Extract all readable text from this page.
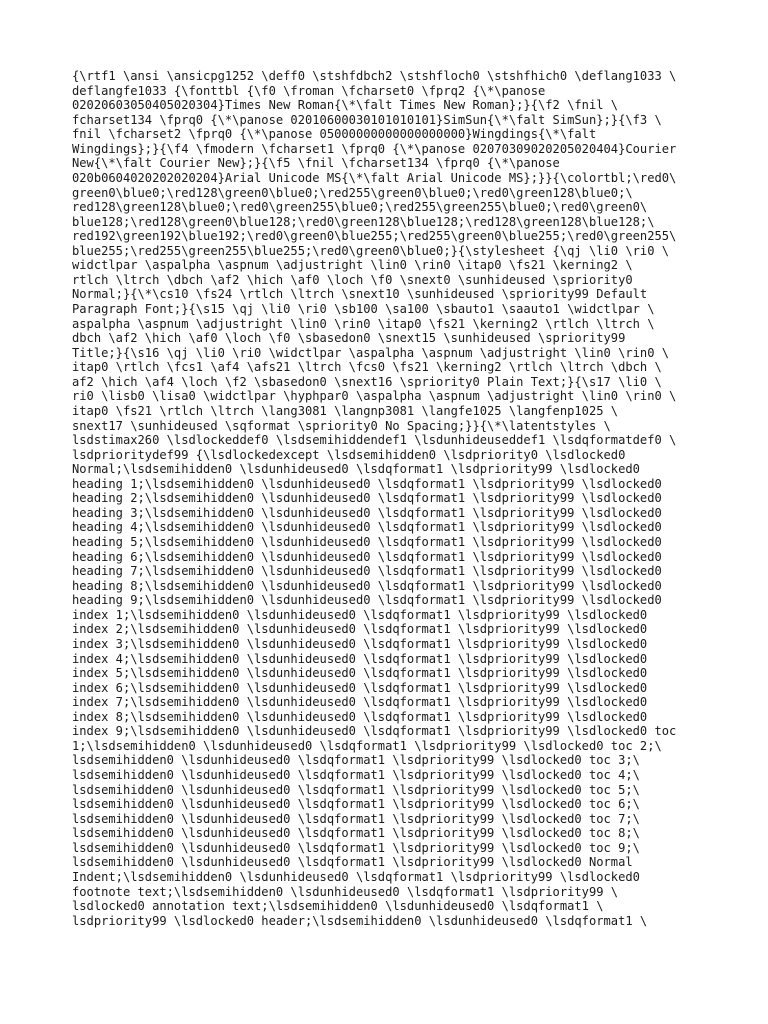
{\rtf1 \ansi \ansicpg1252 \deff0 \stshfdbch2 \stshfloch0 \stshfhich0 \deflang1033 \
deflangfe1033 {\fonttbl {\f0 \froman \fcharset0 \fprq2 {\*\panose
02020603050405020304}Times New Roman{\*\falt Times New Roman};}{\f2 \fnil \
fcharset134 \fprq0 {\*\panose 02010600030101010101}SimSun{\*\falt SimSun};}{\f3 \
fnil \fcharset2 \fprq0 {\*\panose 05000000000000000000}Wingdings{\*\falt
Wingdings};}{\f4 \fmodern \fcharset1 \fprq0 {\*\panose 02070309020205020404}Courier
New{\*\falt Courier New};}{\f5 \fnil \fcharset134 \fprq0 {\*\panose
020b0604020202020204}Arial Unicode MS{\*\falt Arial Unicode MS};}}{\colortbl;\red0\
green0\blue0;\red128\green0\blue0;\red255\green0\blue0;\red0\green128\blue0;\
red128\green128\blue0;\red0\green255\blue0;\red255\green255\blue0;\red0\green0\
blue128;\red128\green0\blue128;\red0\green128\blue128;\red128\green128\blue128;\
red192\green192\blue192;\red0\green0\blue255;\red255\green0\blue255;\red0\green255\
blue255;\red255\green255\blue255;\red0\green0\blue0;}{\stylesheet {\qj \li0 \ri0 \
widctlpar \aspalpha \aspnum \adjustright \lin0 \rin0 \itap0 \fs21 \kerning2 \
rtlch \ltrch \dbch \af2 \hich \af0 \loch \f0 \snext0 \sunhideused \spriority0
Normal;}{\*\cs10 \fs24 \rtlch \ltrch \snext10 \sunhideused \spriority99 Default
Paragraph Font;}{\s15 \qj \li0 \ri0 \sb100 \sa100 \sbauto1 \saauto1 \widctlpar \
aspalpha \aspnum \adjustright \lin0 \rin0 \itap0 \fs21 \kerning2 \rtlch \ltrch \
dbch \af2 \hich \af0 \loch \f0 \sbasedon0 \snext15 \sunhideused \spriority99
Title;}{\s16 \qj \li0 \ri0 \widctlpar \aspalpha \aspnum \adjustright \lin0 \rin0 \
itap0 \rtlch \fcs1 \af4 \afs21 \ltrch \fcs0 \fs21 \kerning2 \rtlch \ltrch \dbch \
af2 \hich \af4 \loch \f2 \sbasedon0 \snext16 \spriority0 Plain Text;}{\s17 \li0 \
ri0 \lisb0 \lisa0 \widctlpar \hyphpar0 \aspalpha \aspnum \adjustright \lin0 \rin0 \
itap0 \fs21 \rtlch \ltrch \lang3081 \langnp3081 \langfe1025 \langfenp1025 \
snext17 \sunhideused \sqformat \spriority0 No Spacing;}}{\*\latentstyles \
lsdstimax260 \lsdlockeddef0 \lsdsemihiddendef1 \lsdunhideuseddef1 \lsdqformatdef0 \
lsdprioritydef99 {\lsdlockedexcept \lsdsemihidden0 \lsdpriority0 \lsdlocked0
Normal;\lsdsemihidden0 \lsdunhideused0 \lsdqformat1 \lsdpriority99 \lsdlocked0
heading 1;\lsdsemihidden0 \lsdunhideused0 \lsdqformat1 \lsdpriority99 \lsdlocked0
heading 2;\lsdsemihidden0 \lsdunhideused0 \lsdqformat1 \lsdpriority99 \lsdlocked0
heading 3;\lsdsemihidden0 \lsdunhideused0 \lsdqformat1 \lsdpriority99 \lsdlocked0
heading 4;\lsdsemihidden0 \lsdunhideused0 \lsdqformat1 \lsdpriority99 \lsdlocked0
heading 5;\lsdsemihidden0 \lsdunhideused0 \lsdqformat1 \lsdpriority99 \lsdlocked0
heading 6;\lsdsemihidden0 \lsdunhideused0 \lsdqformat1 \lsdpriority99 \lsdlocked0
heading 7;\lsdsemihidden0 \lsdunhideused0 \lsdqformat1 \lsdpriority99 \lsdlocked0
heading 8;\lsdsemihidden0 \lsdunhideused0 \lsdqformat1 \lsdpriority99 \lsdlocked0
heading 9;\lsdsemihidden0 \lsdunhideused0 \lsdqformat1 \lsdpriority99 \lsdlocked0
index 1;\lsdsemihidden0 \lsdunhideused0 \lsdqformat1 \lsdpriority99 \lsdlocked0
index 2;\lsdsemihidden0 \lsdunhideused0 \lsdqformat1 \lsdpriority99 \lsdlocked0
index 3;\lsdsemihidden0 \lsdunhideused0 \lsdqformat1 \lsdpriority99 \lsdlocked0
index 4;\lsdsemihidden0 \lsdunhideused0 \lsdqformat1 \lsdpriority99 \lsdlocked0
index 5;\lsdsemihidden0 \lsdunhideused0 \lsdqformat1 \lsdpriority99 \lsdlocked0
index 6;\lsdsemihidden0 \lsdunhideused0 \lsdqformat1 \lsdpriority99 \lsdlocked0
index 7;\lsdsemihidden0 \lsdunhideused0 \lsdqformat1 \lsdpriority99 \lsdlocked0
index 8;\lsdsemihidden0 \lsdunhideused0 \lsdqformat1 \lsdpriority99 \lsdlocked0
index 9;\lsdsemihidden0 \lsdunhideused0 \lsdqformat1 \lsdpriority99 \lsdlocked0 toc
1;\lsdsemihidden0 \lsdunhideused0 \lsdqformat1 \lsdpriority99 \lsdlocked0 toc 2;\
lsdsemihidden0 \lsdunhideused0 \lsdqformat1 \lsdpriority99 \lsdlocked0 toc 3;\
lsdsemihidden0 \lsdunhideused0 \lsdqformat1 \lsdpriority99 \lsdlocked0 toc 4;\
lsdsemihidden0 \lsdunhideused0 \lsdqformat1 \lsdpriority99 \lsdlocked0 toc 5;\
lsdsemihidden0 \lsdunhideused0 \lsdqformat1 \lsdpriority99 \lsdlocked0 toc 6;\
lsdsemihidden0 \lsdunhideused0 \lsdqformat1 \lsdpriority99 \lsdlocked0 toc 7;\
lsdsemihidden0 \lsdunhideused0 \lsdqformat1 \lsdpriority99 \lsdlocked0 toc 8;\
lsdsemihidden0 \lsdunhideused0 \lsdqformat1 \lsdpriority99 \lsdlocked0 toc 9;\
lsdsemihidden0 \lsdunhideused0 \lsdqformat1 \lsdpriority99 \lsdlocked0 Normal
Indent;\lsdsemihidden0 \lsdunhideused0 \lsdqformat1 \lsdpriority99 \lsdlocked0
footnote text;\lsdsemihidden0 \lsdunhideused0 \lsdqformat1 \lsdpriority99 \
lsdlocked0 annotation text;\lsdsemihidden0 \lsdunhideused0 \lsdqformat1 \
lsdpriority99 \lsdlocked0 header;\lsdsemihidden0 \lsdunhideused0 \lsdqformat1 \
